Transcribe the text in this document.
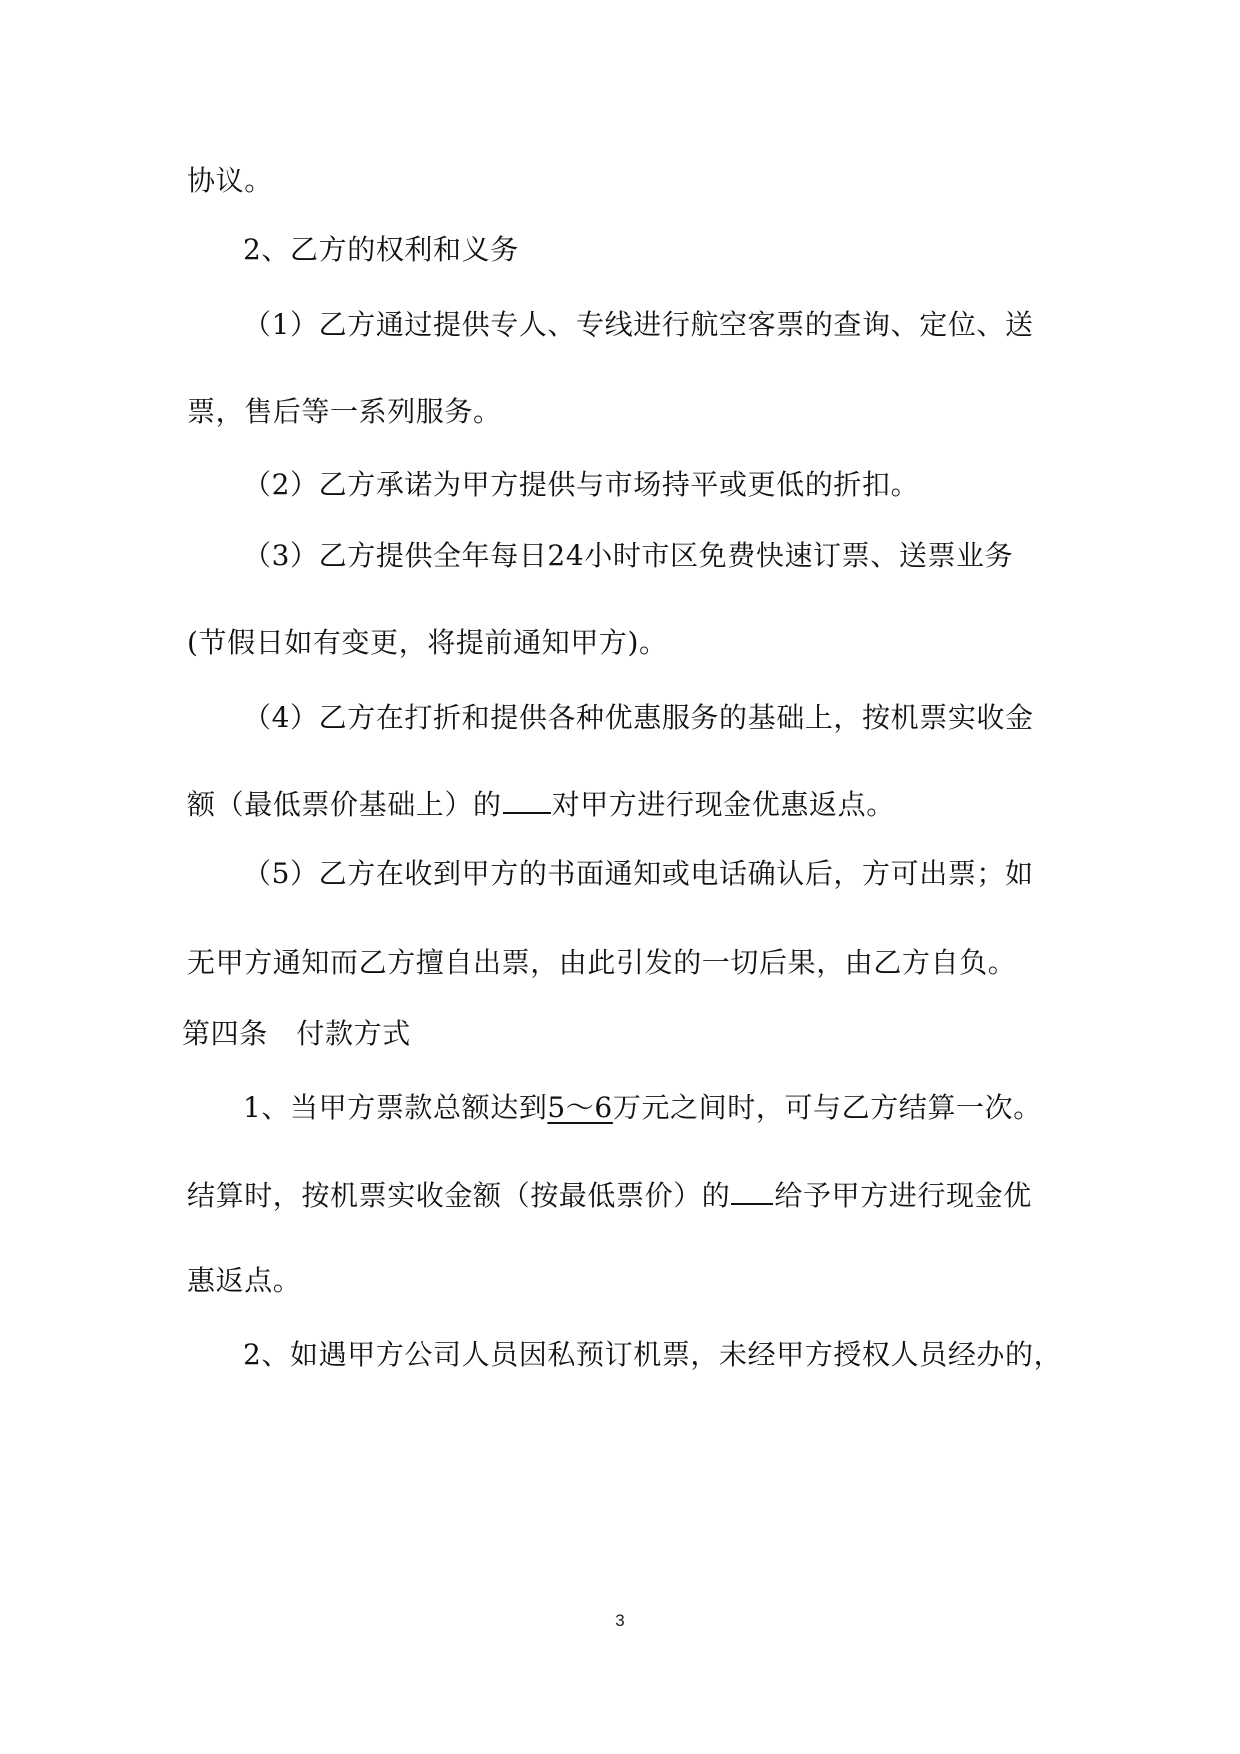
协议。
2、乙方的权利和义务
（1）乙方通过提供专人、专线进行航空客票的查询、定位、送
票，售后等一系列服务。
（2）乙方承诺为甲方提供与市场持平或更低的折扣。
（3）乙方提供全年每日24小时市区免费快速订票、送票业务
(节假日如有变更，将提前通知甲方)。
（4）乙方在打折和提供各种优惠服务的基础上，按机票实收金
额（最低票价基础上）的 对甲方进行现金优惠返点。
（5）乙方在收到甲方的书面通知或电话确认后，方可出票；如
无甲方通知而乙方擅自出票，由此引发的一切后果，由乙方自负。
第四条　付款方式
1、当甲方票款总额达到5～6万元之间时，可与乙方结算一次。
结算时，按机票实收金额（按最低票价）的 给予甲方进行现金优
惠返点。
2、如遇甲方公司人员因私预订机票，未经甲方授权人员经办的，
3
